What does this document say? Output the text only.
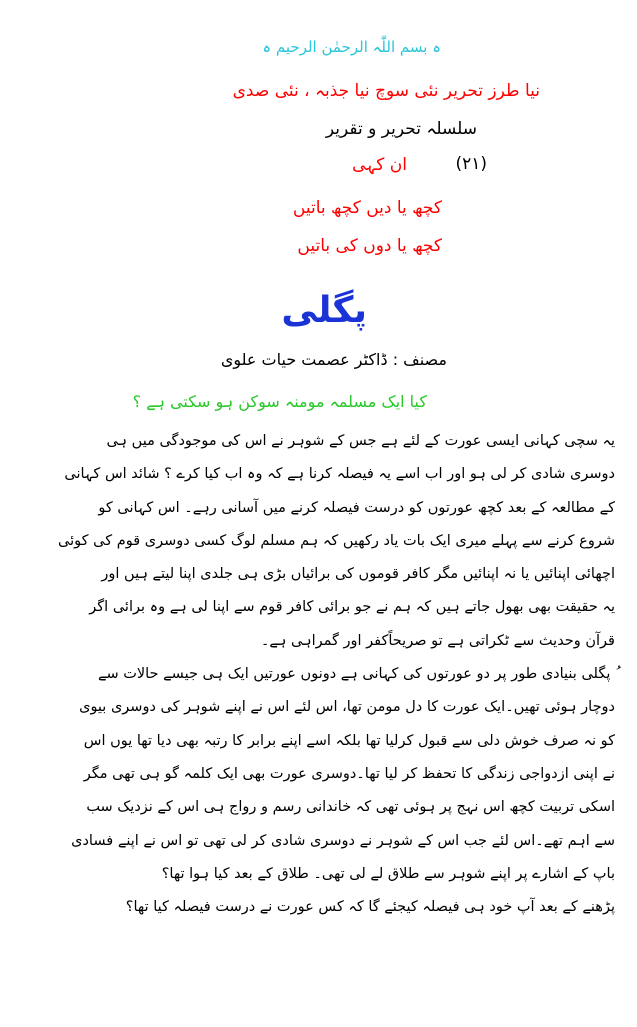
ہ بسم اللّٰہ الرحمٰن الرحیم ہ
نیا طرز تحریر نئی سوچ نیا جذبہ ، نئی صدی
سلسلہ تحریر و تقریر
(٢١)
ان کہی
کچھ یا دیں کچھ باتیں
کچھ یا دوں کی باتیں
پگلی
مصنف : ڈاکٹر عصمت حیات علوی
کیا ایک مسلمہ مومنہ سوکن ہو سکتی ہے ؟

یہ سچی کہانی ایسی عورت کے لئے ہے جس کے شوہر نے اس کی موجودگی میں ہی
دوسری شادی کر لی ہو اور اب اسے یہ فیصلہ کرنا ہے کہ وہ اب کیا کرے ؟ شائد اس کہانی
کے مطالعہ کے بعد کچھ عورتوں کو درست فیصلہ کرنے میں آسانی رہے۔ اس کہانی کو
شروع کرنے سے پہلے میری ایک بات یاد رکھیں کہ ہم مسلم لوگ کسی دوسری قوم کی کوئی
اچھائی اپنائیں یا نہ اپنائیں مگر کافر قوموں کی برائیاں بڑی ہی جلدی اپنا لیتے ہیں اور
یہ حقیقت بھی بھول جاتے ہیں کہ ہم نے جو برائی کافر قوم سے اپنا لی ہے وہ برائی اگر
قرآن وحدیث سے ٹکراتی ہے تو صریحاًکفر اور گمراہی ہے۔

ُ پگلی بنیادی طور پر دو عورتوں کی کہانی ہے دونوں عورتیں ایک ہی جیسے حالات سے
دوچار ہوئی تھیں۔ایک عورت کا دل مومن تھا، اس لئے اس نے اپنے شوہر کی دوسری بیوی
کو نہ صرف خوش دلی سے قبول کرلیا تھا بلکہ اسے اپنے برابر کا رتبہ بھی دیا تھا یوں اس
نے اپنی ازدواجی زندگی کا تحفظ کر لیا تھا۔دوسری عورت بھی ایک کلمہ گو ہی تھی مگر
اسکی تربیت کچھ اس نہج پر ہوئی تھی کہ خاندانی رسم و رواج ہی اس کے نزدیک سب
سے اہم تھے۔اس لئے جب اس کے شوہر نے دوسری شادی کر لی تھی تو اس نے اپنے فسادی
باپ کے اشارے پر اپنے شوہر سے طلاق لے لی تھی۔ طلاق کے بعد کیا ہوا تھا؟
پڑھنے کے بعد آپ خود ہی فیصلہ کیجئے گا کہ کس عورت نے درست فیصلہ کیا تھا؟
